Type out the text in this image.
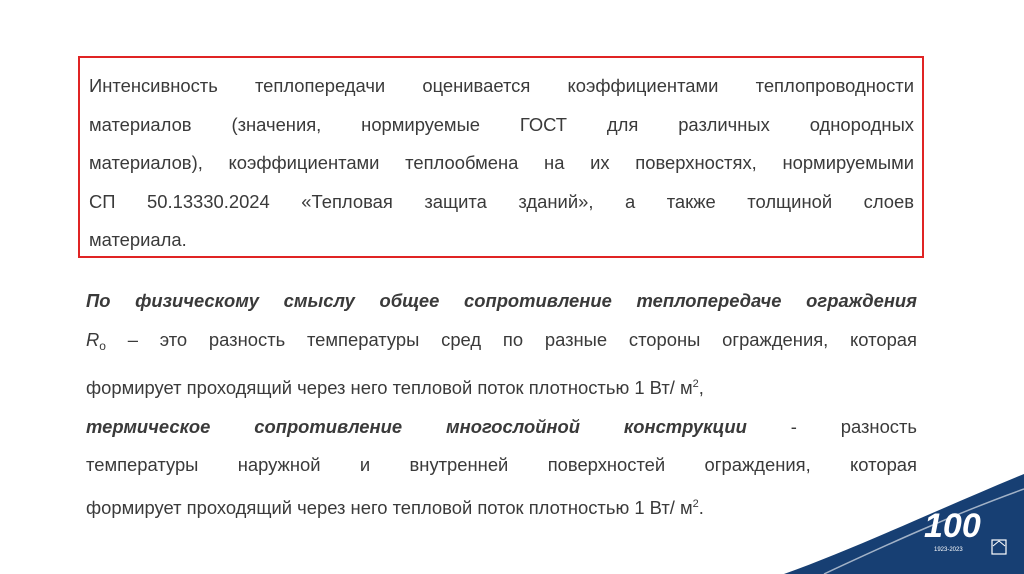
Интенсивность теплопередачи оценивается коэффициентами теплопроводности
материалов (значения, нормируемые ГОСТ для различных однородных
материалов), коэффициентами теплообмена на их поверхностях, нормируемыми
СП 50.13330.2024 «Тепловая защита зданий», а также толщиной слоев
материала.

По физическому смыслу общее сопротивление теплопередаче ограждения
$R_о$ – это разность температуры сред по разные стороны ограждения, которая
формирует проходящий через него тепловой поток плотностью 1 Вт/ $м^2$,

термическое сопротивление многослойной конструкции - разность
температуры наружной и внутренней поверхностей ограждения, которая
формирует проходящий через него тепловой поток плотностью 1 Вт/ $м^2$.	100
1923-2023
